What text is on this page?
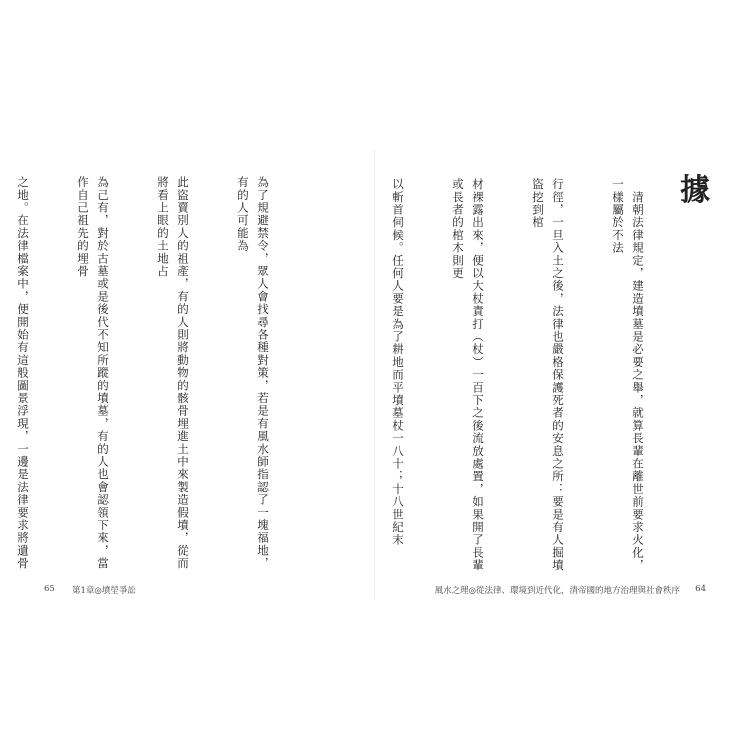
為了規避禁令，眾人會找尋各種對策，若是有風水師指認了一塊福地，有的人可能為

此盜賣別人的祖產，有的人則將動物的骸骨埋進土中來製造假墳，從而將看上眼的土地占

為己有，對於古墓或是後代不知所蹤的墳墓，有的人也會認領下來，當作自己祖先的埋骨

之地。在法律檔案中，便開始有這般圖景浮現，一邊是法律要求將遺骨

65 第1章◎墳塋爭訟
據

　清朝法律規定，建造墳墓是必要之舉，就算長輩在離世前要求火化，一樣屬於不法

行徑，一旦入土之後，法律也嚴格保護死者的安息之所：要是有人掘墳盜挖到棺

材裸露出來，便以大杖責打（杖）一百下之後流放處置，如果開了長輩或長者的棺木則更

以斬首伺候。任何人要是為了耕地而平墳墓杖一八十；十八世紀末

風水之理◎從法律、環境到近代化，清帝國的地方治理與社會秩序 64
